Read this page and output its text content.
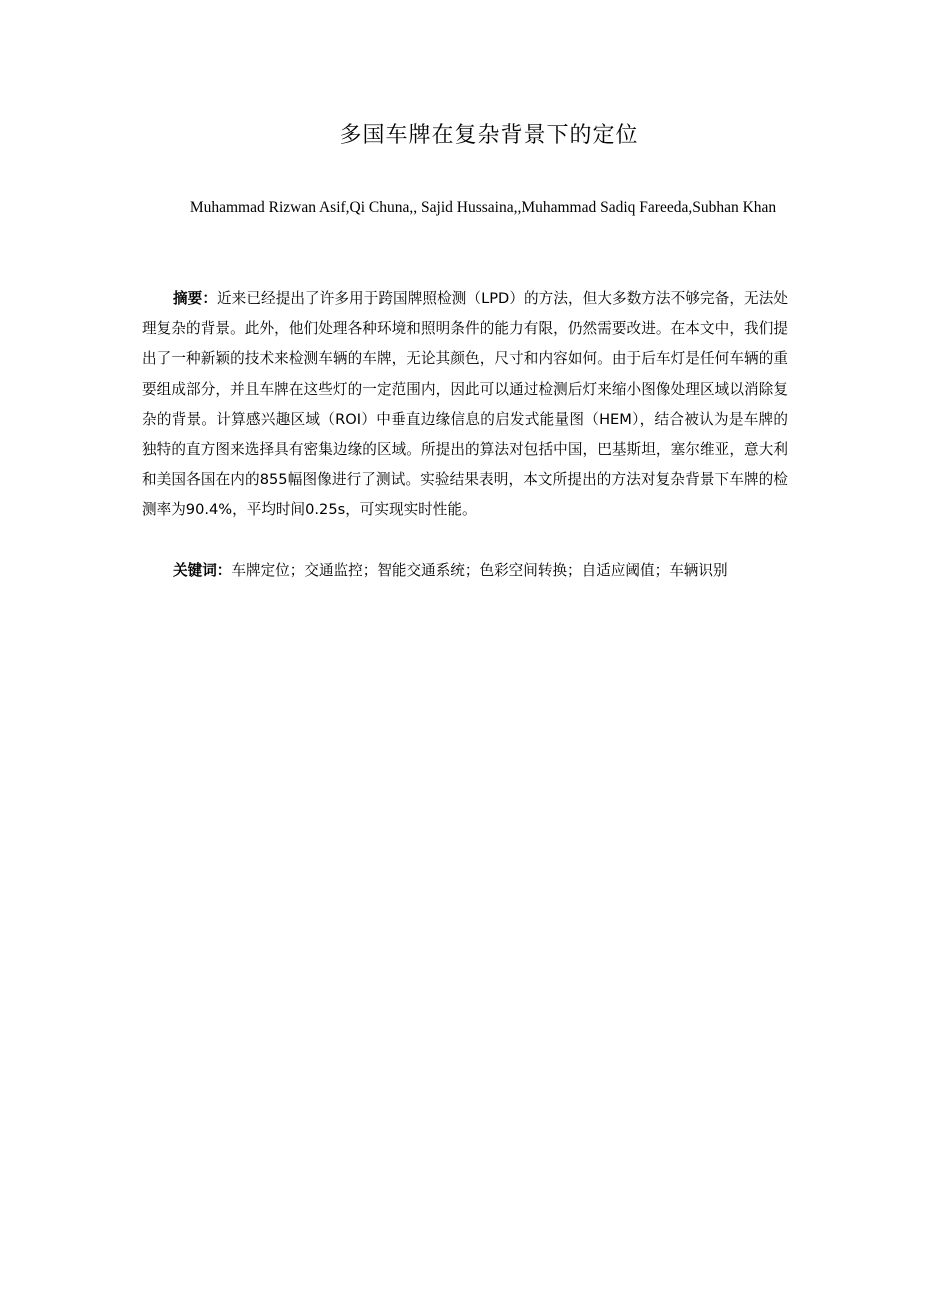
多国车牌在复杂背景下的定位

Muhammad Rizwan Asif,Qi Chuna,, Sajid Hussaina,,Muhammad Sadiq Fareeda,Subhan Khan

摘要：近来已经提出了许多用于跨国牌照检测（LPD）的方法，但大多数方法不够完备，无法处理复杂的背景。此外，他们处理各种环境和照明条件的能力有限，仍然需要改进。在本文中，我们提出了一种新颖的技术来检测车辆的车牌，无论其颜色，尺寸和内容如何。由于后车灯是任何车辆的重要组成部分，并且车牌在这些灯的一定范围内，因此可以通过检测后灯来缩小图像处理区域以消除复杂的背景。计算感兴趣区域（ROI）中垂直边缘信息的启发式能量图（HEM），结合被认为是车牌的独特的直方图来选择具有密集边缘的区域。所提出的算法对包括中国，巴基斯坦，塞尔维亚，意大利和美国各国在内的855幅图像进行了测试。实验结果表明，本文所提出的方法对复杂背景下车牌的检测率为90.4%，平均时间0.25s，可实现实时性能。

关键词：车牌定位；交通监控；智能交通系统；色彩空间转换；自适应阈值；车辆识别
